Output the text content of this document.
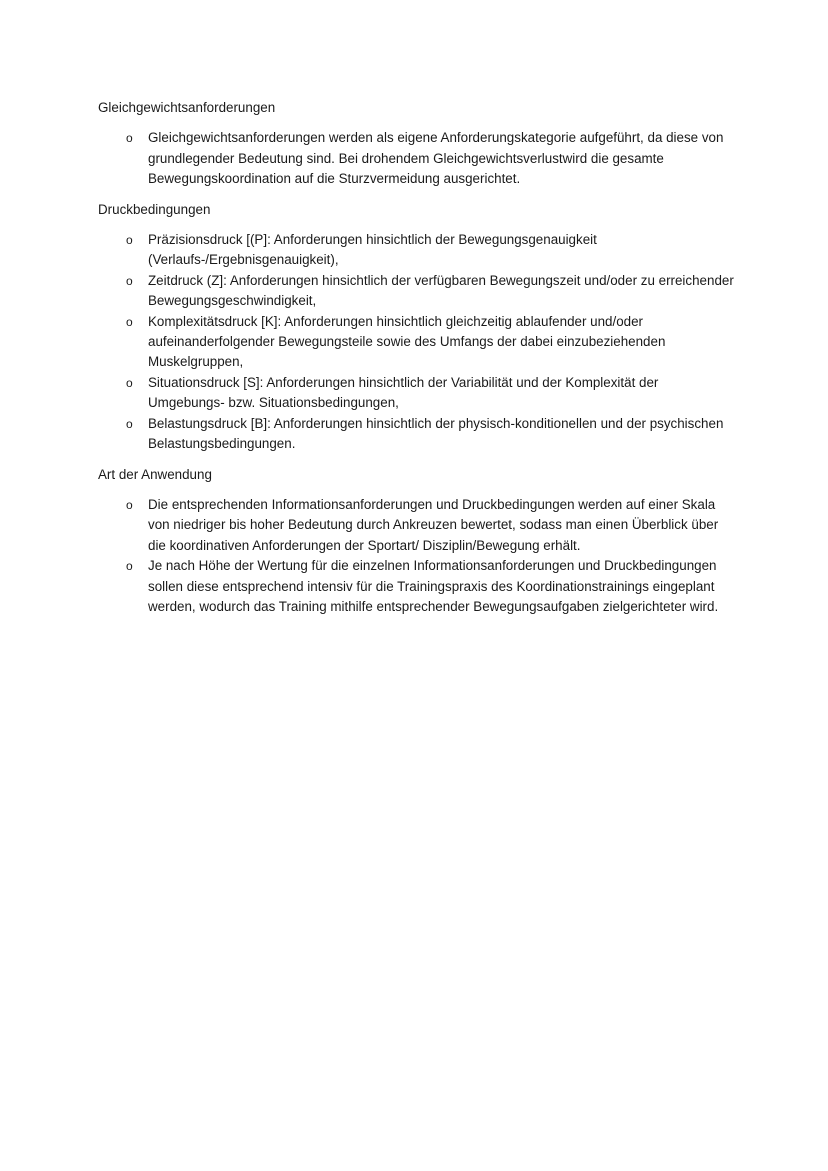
Gleichgewichtsanforderungen

o	Gleichgewichtsanforderungen werden als eigene Anforderungskategorie aufgeführt, da diese von grundlegender Bedeutung sind. Bei drohendem Gleichgewichtsverlustwird die gesamte Bewegungskoordination auf die Sturzvermeidung ausgerichtet.

Druckbedingungen

o	Präzisionsdruck [(P]: Anforderungen hinsichtlich der Bewegungsgenauigkeit (Verlaufs-/Ergebnisgenauigkeit),
o	Zeitdruck (Z]: Anforderungen hinsichtlich der verfügbaren Bewegungszeit und/oder zu erreichender Bewegungsgeschwindigkeit,
o	Komplexitätsdruck [K]: Anforderungen hinsichtlich gleichzeitig ablaufender und/oder aufeinanderfolgender Bewegungsteile sowie des Umfangs der dabei einzubeziehenden Muskelgruppen,
o	Situationsdruck [S]: Anforderungen hinsichtlich der Variabilität und der Komplexität der Umgebungs- bzw. Situationsbedingungen,
o	Belastungsdruck [B]: Anforderungen hinsichtlich der physisch-konditionellen und der psychischen Belastungsbedingungen.

Art der Anwendung

o	Die entsprechenden Informationsanforderungen und Druckbedingungen werden auf einer Skala von niedriger bis hoher Bedeutung durch Ankreuzen bewertet, sodass man einen Überblick über die koordinativen Anforderungen der Sportart/ Disziplin/Bewegung erhält.
o	Je nach Höhe der Wertung für die einzelnen Informationsanforderungen und Druckbedingungen sollen diese entsprechend intensiv für die Trainingspraxis des Koordinationstrainings eingeplant werden, wodurch das Training mithilfe entsprechender Bewegungsaufgaben zielgerichteter wird.
